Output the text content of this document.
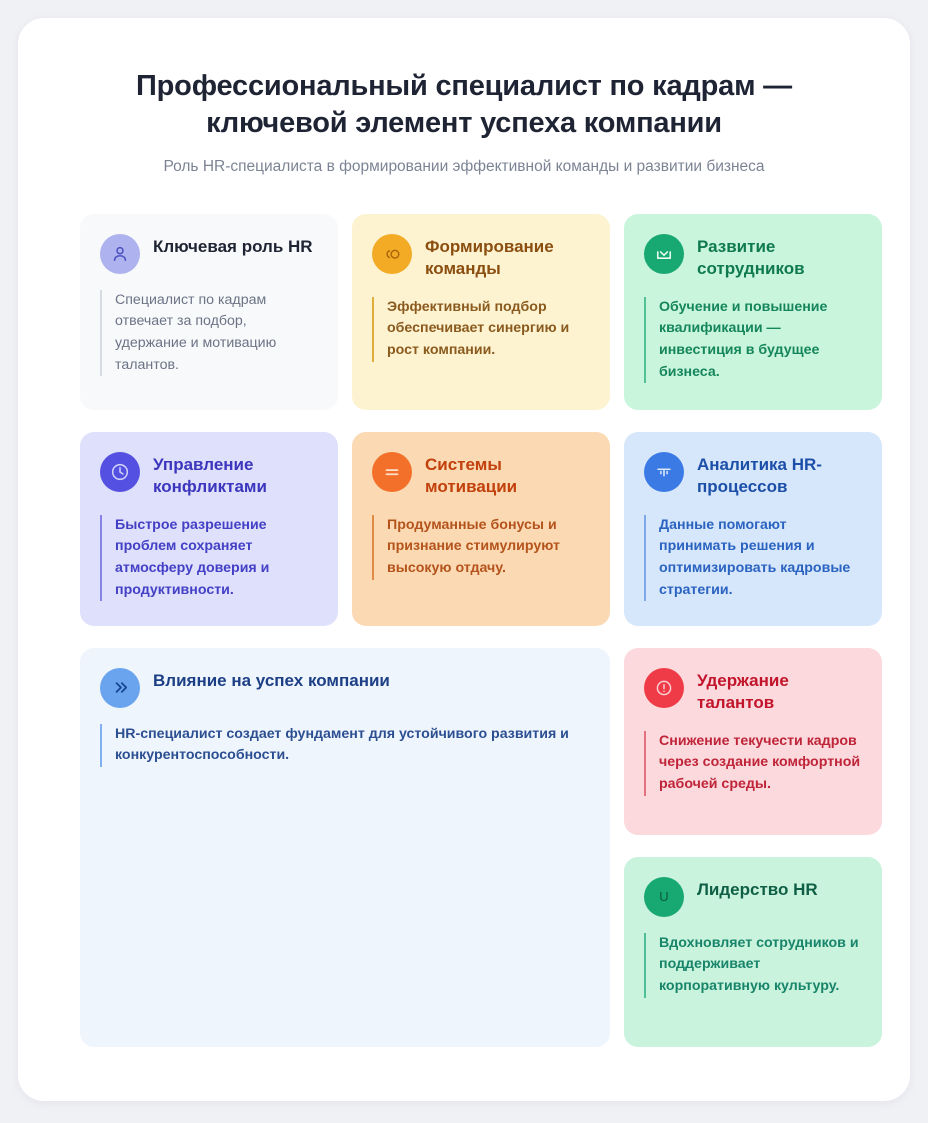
Профессиональный специалист по кадрам — ключевой элемент успеха компании

Роль HR-специалиста в формировании эффективной команды и развитии бизнеса

Ключевая роль HR
Специалист по кадрам отвечает за подбор, удержание и мотивацию талантов.
Формирование команды
Эффективный подбор обеспечивает синергию и рост компании.
Развитие сотрудников
Обучение и повышение квалификации — инвестиция в будущее бизнеса.
Управление конфликтами
Быстрое разрешение проблем сохраняет атмосферу доверия и продуктивности.
Системы мотивации
Продуманные бонусы и признание стимулируют высокую отдачу.
Аналитика HR-процессов
Данные помогают принимать решения и оптимизировать кадровые стратегии.
Влияние на успех компании
HR-специалист создает фундамент для устойчивого развития и конкурентоспособности.
Удержание талантов
Снижение текучести кадров через создание комфортной рабочей среды.
U Лидерство HR
Вдохновляет сотрудников и поддерживает корпоративную культуру.
